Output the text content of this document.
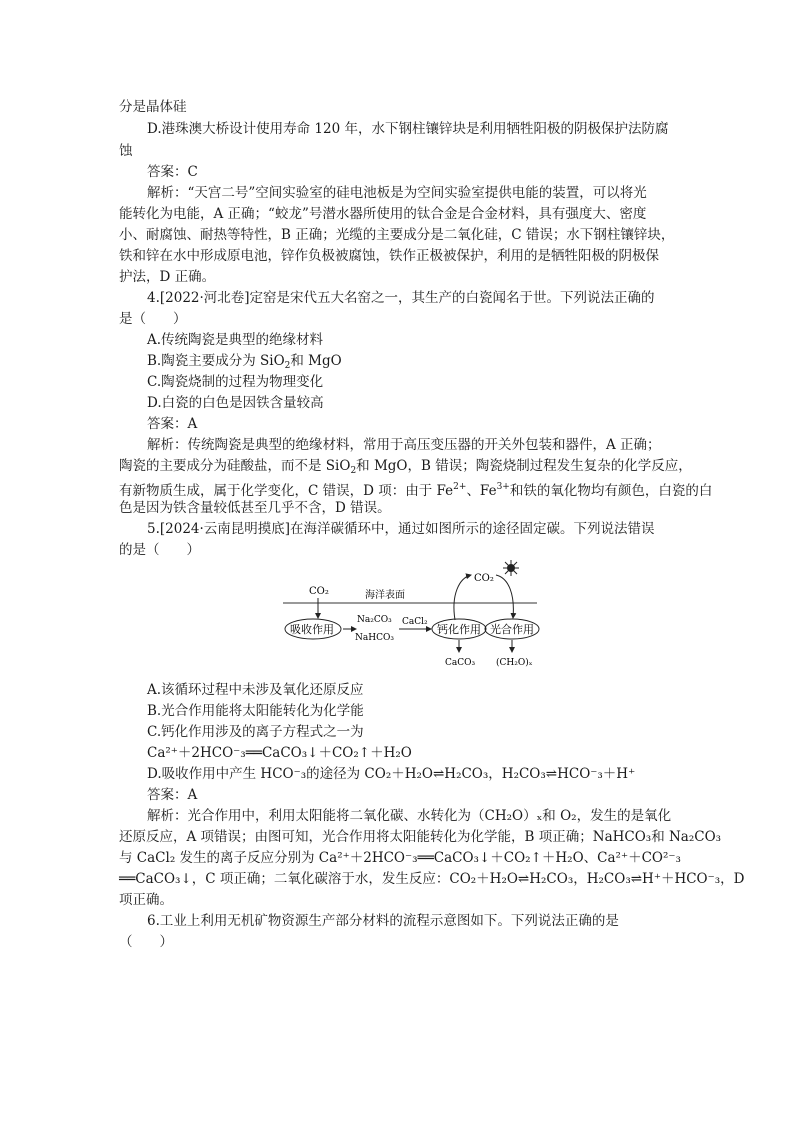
分是晶体硅
D.港珠澳大桥设计使用寿命 120 年，水下钢柱镶锌块是利用牺牲阳极的阴极保护法防腐
蚀
答案：C
解析：“天宫二号”空间实验室的硅电池板是为空间实验室提供电能的装置，可以将光
能转化为电能，A 正确；“蛟龙”号潜水器所使用的钛合金是合金材料，具有强度大、密度
小、耐腐蚀、耐热等特性，B 正确；光缆的主要成分是二氧化硅，C 错误；水下钢柱镶锌块，
铁和锌在水中形成原电池，锌作负极被腐蚀，铁作正极被保护，利用的是牺牲阳极的阴极保
护法，D 正确。
4.[2022·河北卷]定窑是宋代五大名窑之一，其生产的白瓷闻名于世。下列说法正确的
是（　　）
A.传统陶瓷是典型的绝缘材料
B.陶瓷主要成分为 SiO$_2$和 MgO
C.陶瓷烧制的过程为物理变化
D.白瓷的白色是因铁含量较高
答案：A
解析：传统陶瓷是典型的绝缘材料，常用于高压变压器的开关外包装和器件，A 正确；
陶瓷的主要成分为硅酸盐，而不是 SiO$_2$和 MgO，B 错误；陶瓷烧制过程发生复杂的化学反应，
有新物质生成，属于化学变化，C 错误，D 项：由于 $Fe^{2+}$、$Fe^{3+}$和铁的氧化物均有颜色，白瓷的白
色是因为铁含量较低甚至几乎不含，D 错误。
5.[2024·云南昆明摸底]在海洋碳循环中，通过如图所示的途径固定碳。下列说法错误
的是（　　）
海洋表面
CO₂
吸收作用
Na₂CO₃
NaHCO₃
CaCl₂
钙化作用 光合作用
CO₂
CaCO₃ (CH₂O)ₓ
A.该循环过程中未涉及氧化还原反应
B.光合作用能将太阳能转化为化学能
C.钙化作用涉及的离子方程式之一为
Ca²⁺＋2HCO⁻₃══CaCO₃↓＋CO₂↑＋H₂O
D.吸收作用中产生 HCO⁻₃的途径为 CO₂＋H₂O⇌H₂CO₃，H₂CO₃⇌HCO⁻₃＋H⁺
答案：A
解析：光合作用中，利用太阳能将二氧化碳、水转化为（CH₂O）ₓ和 O₂，发生的是氧化
还原反应，A 项错误；由图可知，光合作用将太阳能转化为化学能，B 项正确；NaHCO₃和 Na₂CO₃
与 CaCl₂ 发生的离子反应分别为 Ca²⁺＋2HCO⁻₃══CaCO₃↓＋CO₂↑＋H₂O、Ca²⁺＋CO²⁻₃
══CaCO₃↓，C 项正确；二氧化碳溶于水，发生反应：CO₂＋H₂O⇌H₂CO₃，H₂CO₃⇌H⁺＋HCO⁻₃，D
项正确。
6.工业上利用无机矿物资源生产部分材料的流程示意图如下。下列说法正确的是
（　　）
